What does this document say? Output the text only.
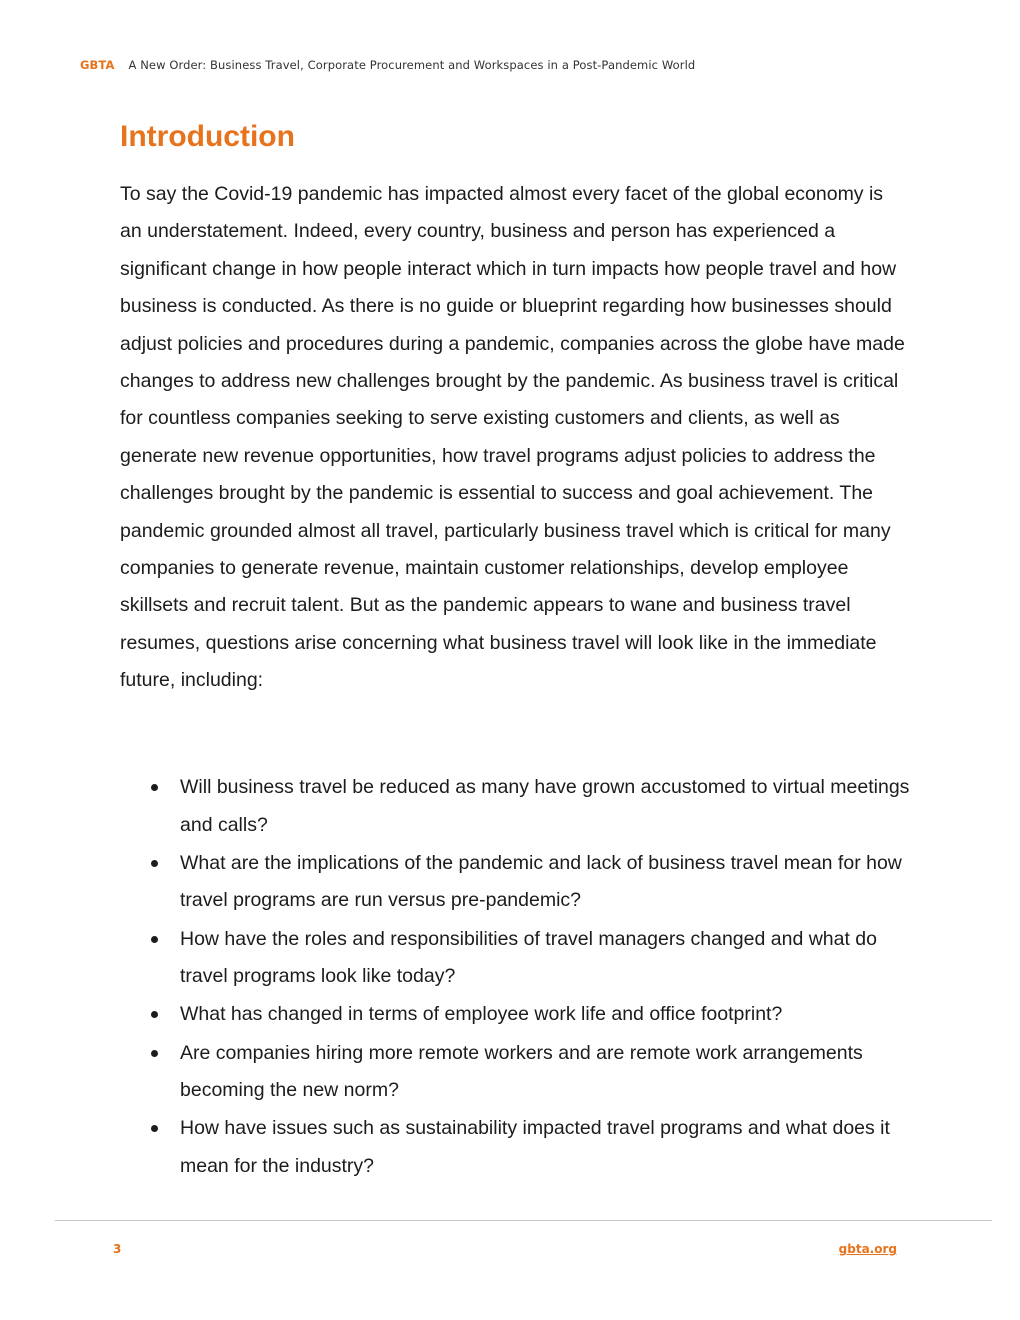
GBTA A New Order: Business Travel, Corporate Procurement and Workspaces in a Post-Pandemic World
Introduction

To say the Covid-19 pandemic has impacted almost every facet of the global economy is an understatement. Indeed, every country, business and person has experienced a significant change in how people interact which in turn impacts how people travel and how business is conducted. As there is no guide or blueprint regarding how businesses should adjust policies and procedures during a pandemic, companies across the globe have made changes to address new challenges brought by the pandemic. As business travel is critical for countless companies seeking to serve existing customers and clients, as well as generate new revenue opportunities, how travel programs adjust policies to address the challenges brought by the pandemic is essential to success and goal achievement. The pandemic grounded almost all travel, particularly business travel which is critical for many companies to generate revenue, maintain customer relationships, develop employee skillsets and recruit talent. But as the pandemic appears to wane and business travel resumes, questions arise concerning what business travel will look like in the immediate future, including:

Will business travel be reduced as many have grown accustomed to virtual meetings and calls?
What are the implications of the pandemic and lack of business travel mean for how travel programs are run versus pre-pandemic?
How have the roles and responsibilities of travel managers changed and what do travel programs look like today?
What has changed in terms of employee work life and office footprint?
Are companies hiring more remote workers and are remote work arrangements becoming the new norm?
How have issues such as sustainability impacted travel programs and what does it mean for the industry?
3	gbta.org
